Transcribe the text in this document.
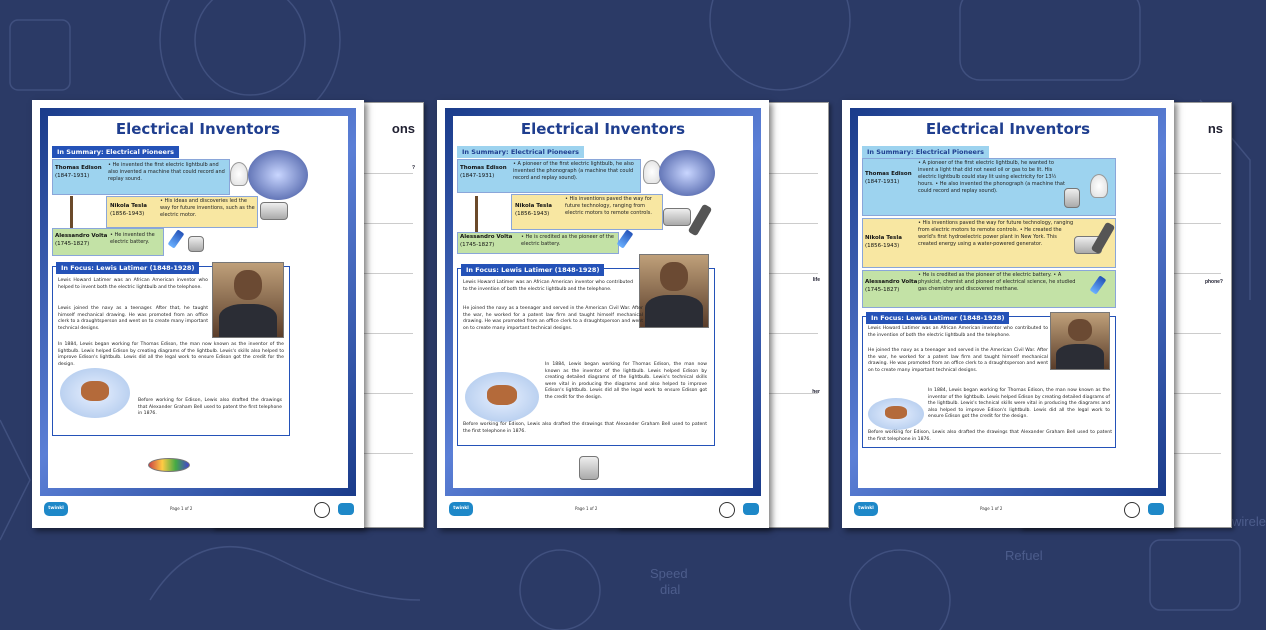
Speed
dial
Refuel
wirele
ons
?
Electrical Inventors
In Summary: Electrical Pioneers
Thomas Edison
(1847-1931)
• He invented the first electric lightbulb and also invented a machine that could record and replay sound.
Nikola Tesla
(1856-1943)
• His ideas and discoveries led the way for future inventions, such as the electric motor.
Alessandro Volta
(1745-1827)
• He invented the electric battery.
In Focus: Lewis Latimer (1848-1928)
Lewis Howard Latimer was an African American inventor who helped to invent both the electric lightbulb and the telephone.
Lewis joined the navy as a teenager. After that, he taught himself mechanical drawing. He was promoted from an office clerk to a draughtsperson and went on to create many important technical designs.
In 1884, Lewis began working for Thomas Edison, the man now known as the inventor of the lightbulb. Lewis helped Edison by creating diagrams of the lightbulb. Lewis's skills also helped to improve Edison's lightbulb. Lewis did all the legal work to ensure Edison got the credit for the design.
Before working for Edison, Lewis also drafted the drawings that Alexander Graham Bell used to patent the first telephone in 1876.
twinkl	Page 1 of 2
life
her
Electrical Inventors
In Summary: Electrical Pioneers
Thomas Edison
(1847-1931)
• A pioneer of the first electric lightbulb, he also invented the phonograph (a machine that could record and replay sound).
Nikola Tesla
(1856-1943)
• His inventions paved the way for future technology, ranging from electric motors to remote controls.
Alessandro Volta
(1745-1827)
• He is credited as the pioneer of the electric battery.
In Focus: Lewis Latimer (1848-1928)
Lewis Howard Latimer was an African American inventor who contributed to the invention of both the electric lightbulb and the telephone.
He joined the navy as a teenager and served in the American Civil War. After the war, he worked for a patent law firm and taught himself mechanical drawing. He was promoted from an office clerk to a draughtsperson and went on to create many important technical designs.
In 1884, Lewis began working for Thomas Edison, the man now known as the inventor of the lightbulb. Lewis helped Edison by creating detailed diagrams of the lightbulb. Lewis's technical skills were vital in producing the diagrams and also helped to improve Edison's lightbulb. Lewis did all the legal work to ensure Edison got the credit for the design.
Before working for Edison, Lewis also drafted the drawings that Alexander Graham Bell used to patent the first telephone in 1876.
twinkl	Page 1 of 2
ns
phone?
Electrical Inventors
In Summary: Electrical Pioneers
Thomas Edison
(1847-1931)
• A pioneer of the first electric lightbulb, he wanted to invent a light that did not need oil or gas to be lit. His electric lightbulb could stay lit using electricity for 13½ hours. • He also invented the phonograph (a machine that could record and replay sound).
Nikola Tesla
(1856-1943)
• His inventions paved the way for future technology, ranging from electric motors to remote controls. • He created the world's first hydroelectric power plant in New York. This created energy using a water-powered generator.
Alessandro Volta
(1745-1827)
• He is credited as the pioneer of the electric battery. • A physicist, chemist and pioneer of electrical science, he studied gas chemistry and discovered methane.
In Focus: Lewis Latimer (1848-1928)
Lewis Howard Latimer was an African American inventor who contributed to the invention of both the electric lightbulb and the telephone.
He joined the navy as a teenager and served in the American Civil War. After the war, he worked for a patent law firm and taught himself mechanical drawing. He was promoted from an office clerk to a draughtsperson and went on to create many important technical designs.
In 1884, Lewis began working for Thomas Edison, the man now known as the inventor of the lightbulb. Lewis helped Edison by creating detailed diagrams of the lightbulb. Lewis's technical skills were vital in producing the diagrams and also helped to improve Edison's lightbulb. Lewis did all the legal work to ensure Edison got the credit for the design.
Before working for Edison, Lewis also drafted the drawings that Alexander Graham Bell used to patent the first telephone in 1876.
twinkl	Page 1 of 2
